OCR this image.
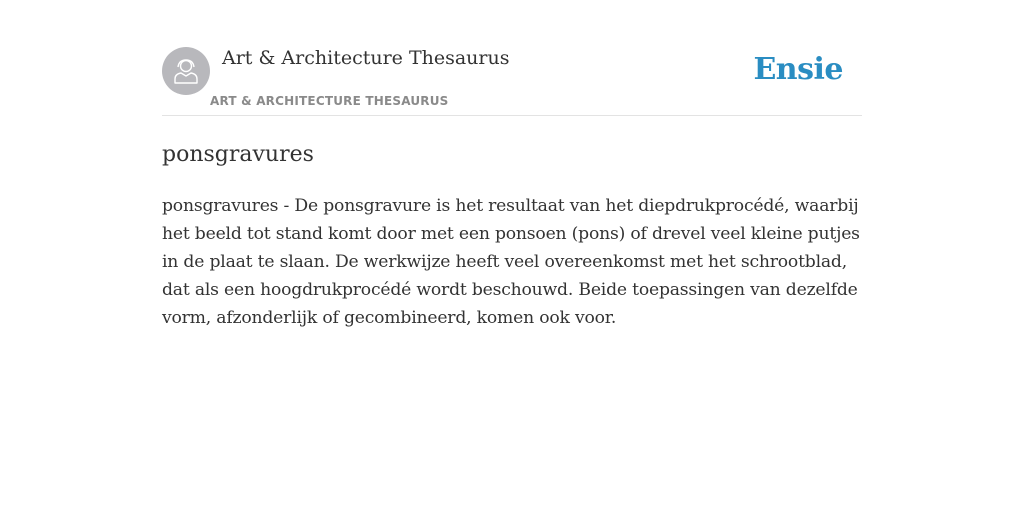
Art & Architecture Thesaurus
ART & ARCHITECTURE THESAURUS
Ensie
ponsgravures

ponsgravures - De ponsgravure is het resultaat van het diepdrukprocédé, waarbij het beeld tot stand komt door met een ponsoen (pons) of drevel veel kleine putjes in de plaat te slaan. De werkwijze heeft veel overeenkomst met het schrootblad, dat als een hoogdrukprocédé wordt beschouwd. Beide toepassingen van dezelfde vorm, afzonderlijk of gecombineerd, komen ook voor.
